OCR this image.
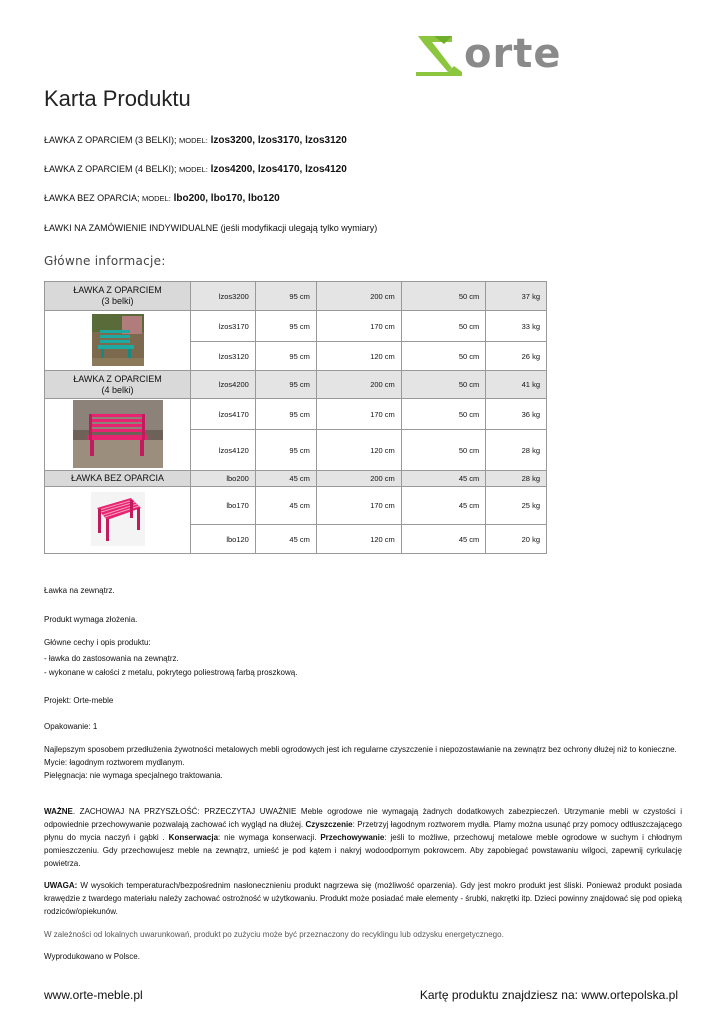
orte
Karta Produktu
ŁAWKA Z OPARCIEM (3 BELKI); MODEL: lzos3200, lzos3170, lzos3120
ŁAWKA Z OPARCIEM (4 BELKI); MODEL: lzos4200, lzos4170, lzos4120
ŁAWKA BEZ OPARCIA; MODEL: lbo200, lbo170, lbo120
ŁAWKI NA ZAMÓWIENIE INDYWIDUALNE (jeśli modyfikacji ulegają tylko wymiary)
Główne informacje:
ŁAWKA Z OPARCIEM
(3 belki)	lzos3200	95 cm	200 cm	50 cm	37 kg
	lzos3170	95 cm	170 cm	50 cm	33 kg
	lzos3120	95 cm	120 cm	50 cm	26 kg

ŁAWKA Z OPARCIEM
(4 belki)	lzos4200	95 cm	200 cm	50 cm	41 kg
	lzos4170	95 cm	170 cm	50 cm	36 kg
	lzos4120	95 cm	120 cm	50 cm	28 kg

ŁAWKA BEZ OPARCIA	lbo200	45 cm	200 cm	45 cm	28 kg
	lbo170	45 cm	170 cm	45 cm	25 kg
	lbo120	45 cm	120 cm	45 cm	20 kg

Ławka na zewnątrz.

Produkt wymaga złożenia.

Główne cechy i opis produktu:

- ławka do zastosowania na zewnątrz.

- wykonane w całości z metalu, pokrytego poliestrową farbą proszkową.

Projekt: Orte-meble

Opakowanie: 1

Najlepszym sposobem przedłużenia żywotności metalowych mebli ogrodowych jest ich regularne czyszczenie i niepozostawianie na zewnątrz bez ochrony dłużej niż to konieczne.
Mycie: łagodnym roztworem mydlanym.
Pielęgnacja: nie wymaga specjalnego traktowania.

WAŻNE. ZACHOWAJ NA PRZYSZŁOŚĆ: PRZECZYTAJ UWAŻNIE Meble ogrodowe nie wymagają żadnych dodatkowych zabezpieczeń. Utrzymanie mebli w czystości i odpowiednie przechowywanie pozwalają zachować ich wygląd na dłużej. Czyszczenie: Przetrzyj łagodnym roztworem mydła. Plamy można usunąć przy pomocy odtłuszczającego płynu do mycia naczyń i gąbki . Konserwacja: nie wymaga konserwacji. Przechowywanie: jeśli to możliwe, przechowuj metalowe meble ogrodowe w suchym i chłodnym pomieszczeniu. Gdy przechowujesz meble na zewnątrz, umieść je pod kątem i nakryj wodoodpornym pokrowcem. Aby zapobiegać powstawaniu wilgoci, zapewnij cyrkulację powietrza.

UWAGA: W wysokich temperaturach/bezpośrednim nasłonecznieniu produkt nagrzewa się (możliwość oparzenia). Gdy jest mokro produkt jest śliski. Ponieważ produkt posiada krawędzie z twardego materiału należy zachować ostrożność w użytkowaniu. Produkt może posiadać małe elementy - śrubki, nakrętki itp. Dzieci powinny znajdować się pod opieką rodziców/opiekunów.

W zależności od lokalnych uwarunkowań, produkt po zużyciu może być przeznaczony do recyklingu lub odzysku energetycznego.

Wyprodukowano w Polsce.

www.orte-meble.pl	Kartę produktu znajdziesz na: www.ortepolska.pl
